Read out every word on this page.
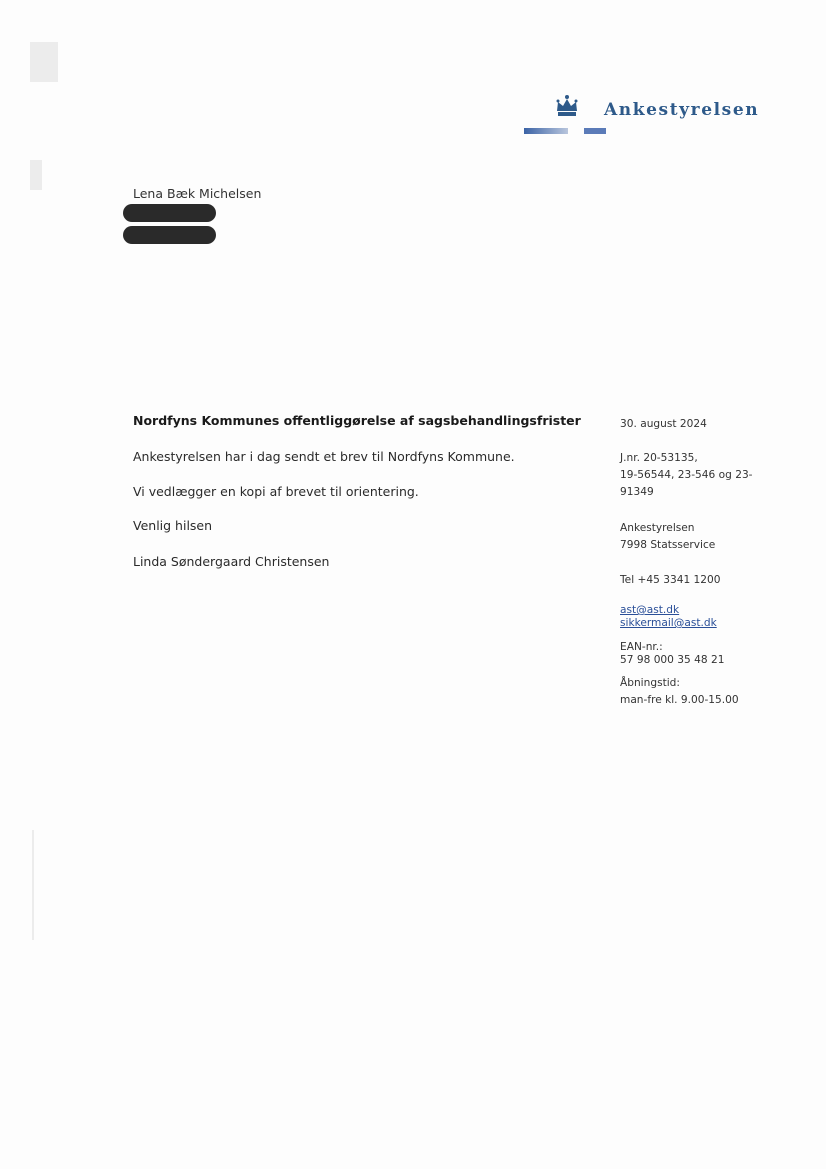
Ankestyrelsen
Lena Bæk Michelsen
Nordfyns Kommunes offentliggørelse af sagsbehandlingsfrister
Ankestyrelsen har i dag sendt et brev til Nordfyns Kommune.
Vi vedlægger en kopi af brevet til orientering.
Venlig hilsen
Linda Søndergaard Christensen
30. august 2024
J.nr. 20-53135,
19-56544, 23-546 og 23-
91349
Ankestyrelsen
7998 Statsservice
Tel +45 3341 1200
ast@ast.dk
sikkermail@ast.dk
EAN-nr.:
57 98 000 35 48 21
Åbningstid:
man-fre kl. 9.00-15.00
